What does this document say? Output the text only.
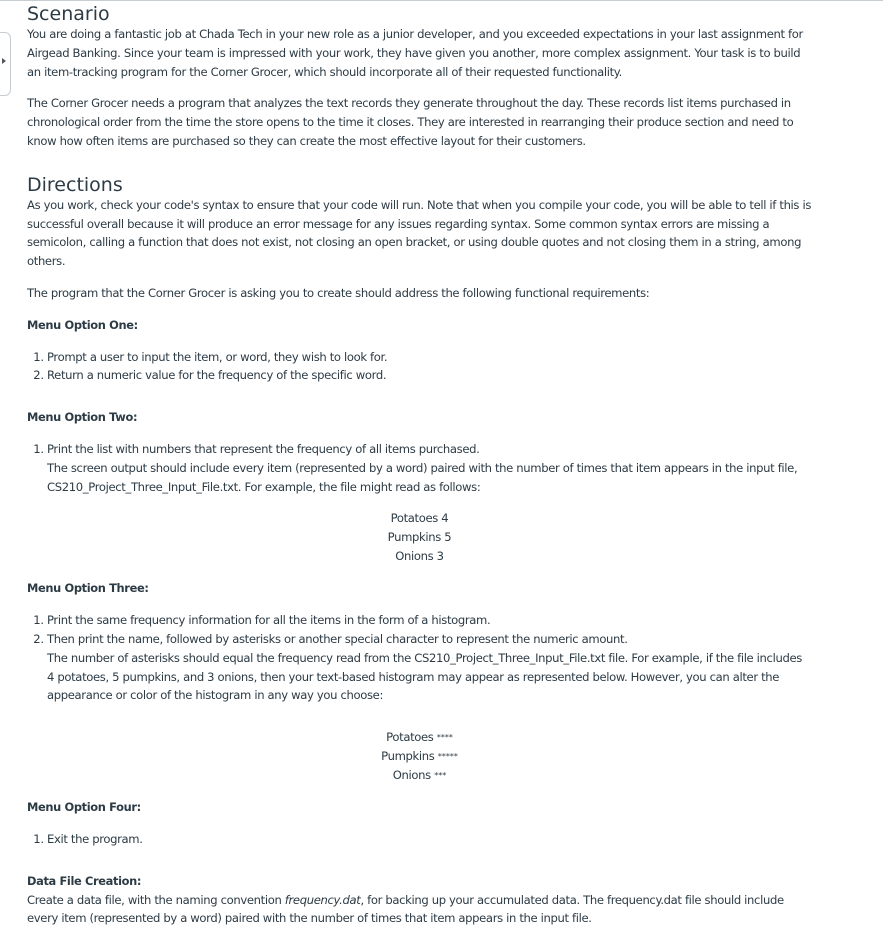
Scenario

You are doing a fantastic job at Chada Tech in your new role as a junior developer, and you exceeded expectations in your last assignment for Airgead Banking. Since your team is impressed with your work, they have given you another, more complex assignment. Your task is to build an item-tracking program for the Corner Grocer, which should incorporate all of their requested functionality.

The Corner Grocer needs a program that analyzes the text records they generate throughout the day. These records list items purchased in chronological order from the time the store opens to the time it closes. They are interested in rearranging their produce section and need to know how often items are purchased so they can create the most effective layout for their customers.

Directions

As you work, check your code's syntax to ensure that your code will run. Note that when you compile your code, you will be able to tell if this is successful overall because it will produce an error message for any issues regarding syntax. Some common syntax errors are missing a semicolon, calling a function that does not exist, not closing an open bracket, or using double quotes and not closing them in a string, among others.

The program that the Corner Grocer is asking you to create should address the following functional requirements:

Menu Option One:

1. Prompt a user to input the item, or word, they wish to look for.
2. Return a numeric value for the frequency of the specific word.

Menu Option Two:

1. Print the list with numbers that represent the frequency of all items purchased.

The screen output should include every item (represented by a word) paired with the number of times that item appears in the input file, CS210_Project_Three_Input_File.txt. For example, the file might read as follows:

Potatoes 4
Pumpkins 5
Onions 3

Menu Option Three:

1. Print the same frequency information for all the items in the form of a histogram.
2. Then print the name, followed by asterisks or another special character to represent the numeric amount.

The number of asterisks should equal the frequency read from the CS210_Project_Three_Input_File.txt file. For example, if the file includes 4 potatoes, 5 pumpkins, and 3 onions, then your text-based histogram may appear as represented below. However, you can alter the appearance or color of the histogram in any way you choose:

Potatoes ****
Pumpkins *****
Onions ***

Menu Option Four:

1. Exit the program.

Data File Creation:

Create a data file, with the naming convention frequency.dat, for backing up your accumulated data. The frequency.dat file should include every item (represented by a word) paired with the number of times that item appears in the input file.
